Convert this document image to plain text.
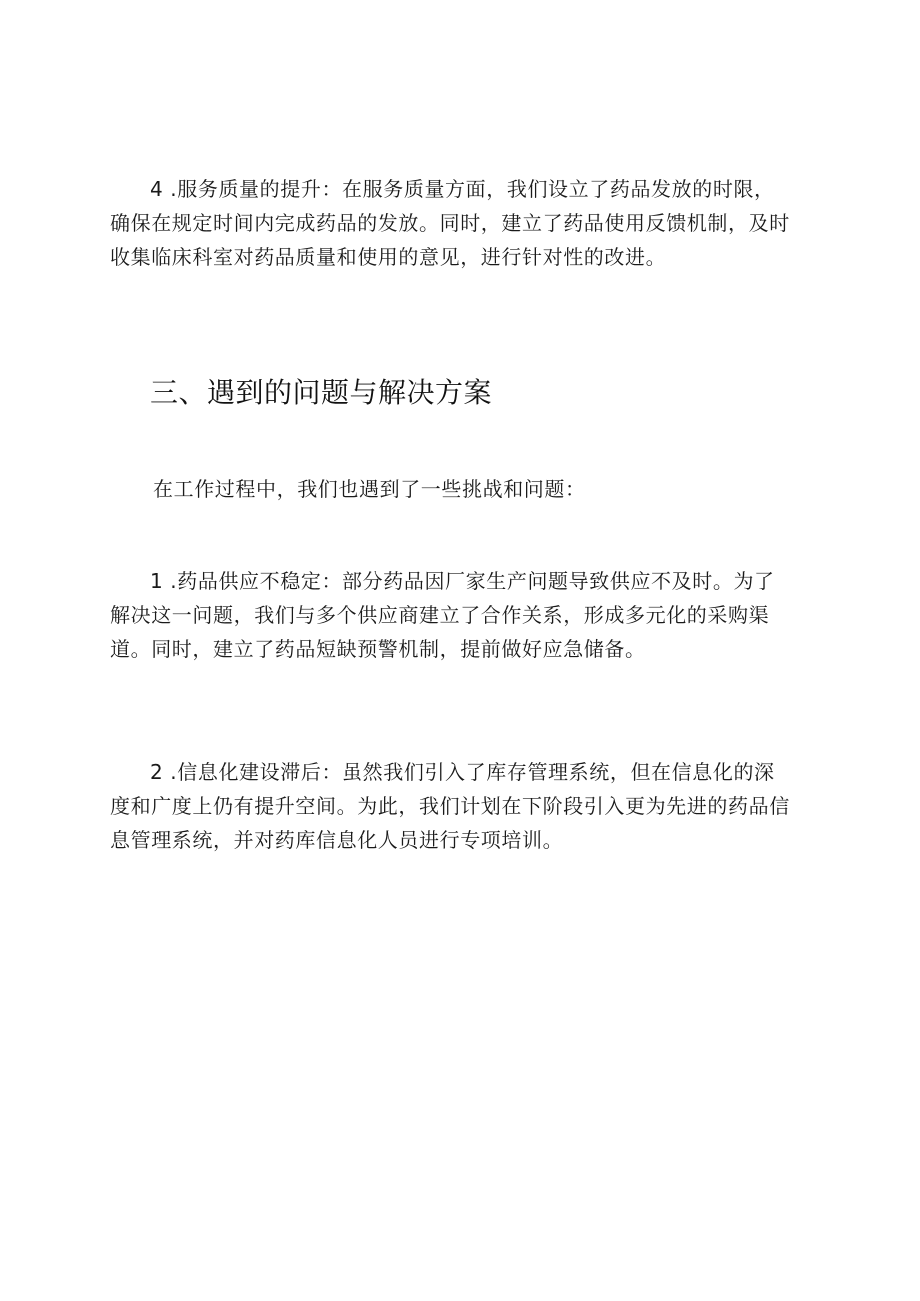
4 .服务质量的提升：在服务质量方面，我们设立了药品发放的时限，
确保在规定时间内完成药品的发放。同时，建立了药品使用反馈机制，及时
收集临床科室对药品质量和使用的意见，进行针对性的改进。

三、遇到的问题与解决方案

在工作过程中，我们也遇到了一些挑战和问题：

1 .药品供应不稳定：部分药品因厂家生产问题导致供应不及时。为了
解决这一问题，我们与多个供应商建立了合作关系，形成多元化的采购渠
道。同时，建立了药品短缺预警机制，提前做好应急储备。

2 .信息化建设滞后：虽然我们引入了库存管理系统，但在信息化的深
度和广度上仍有提升空间。为此，我们计划在下阶段引入更为先进的药品信
息管理系统，并对药库信息化人员进行专项培训。
